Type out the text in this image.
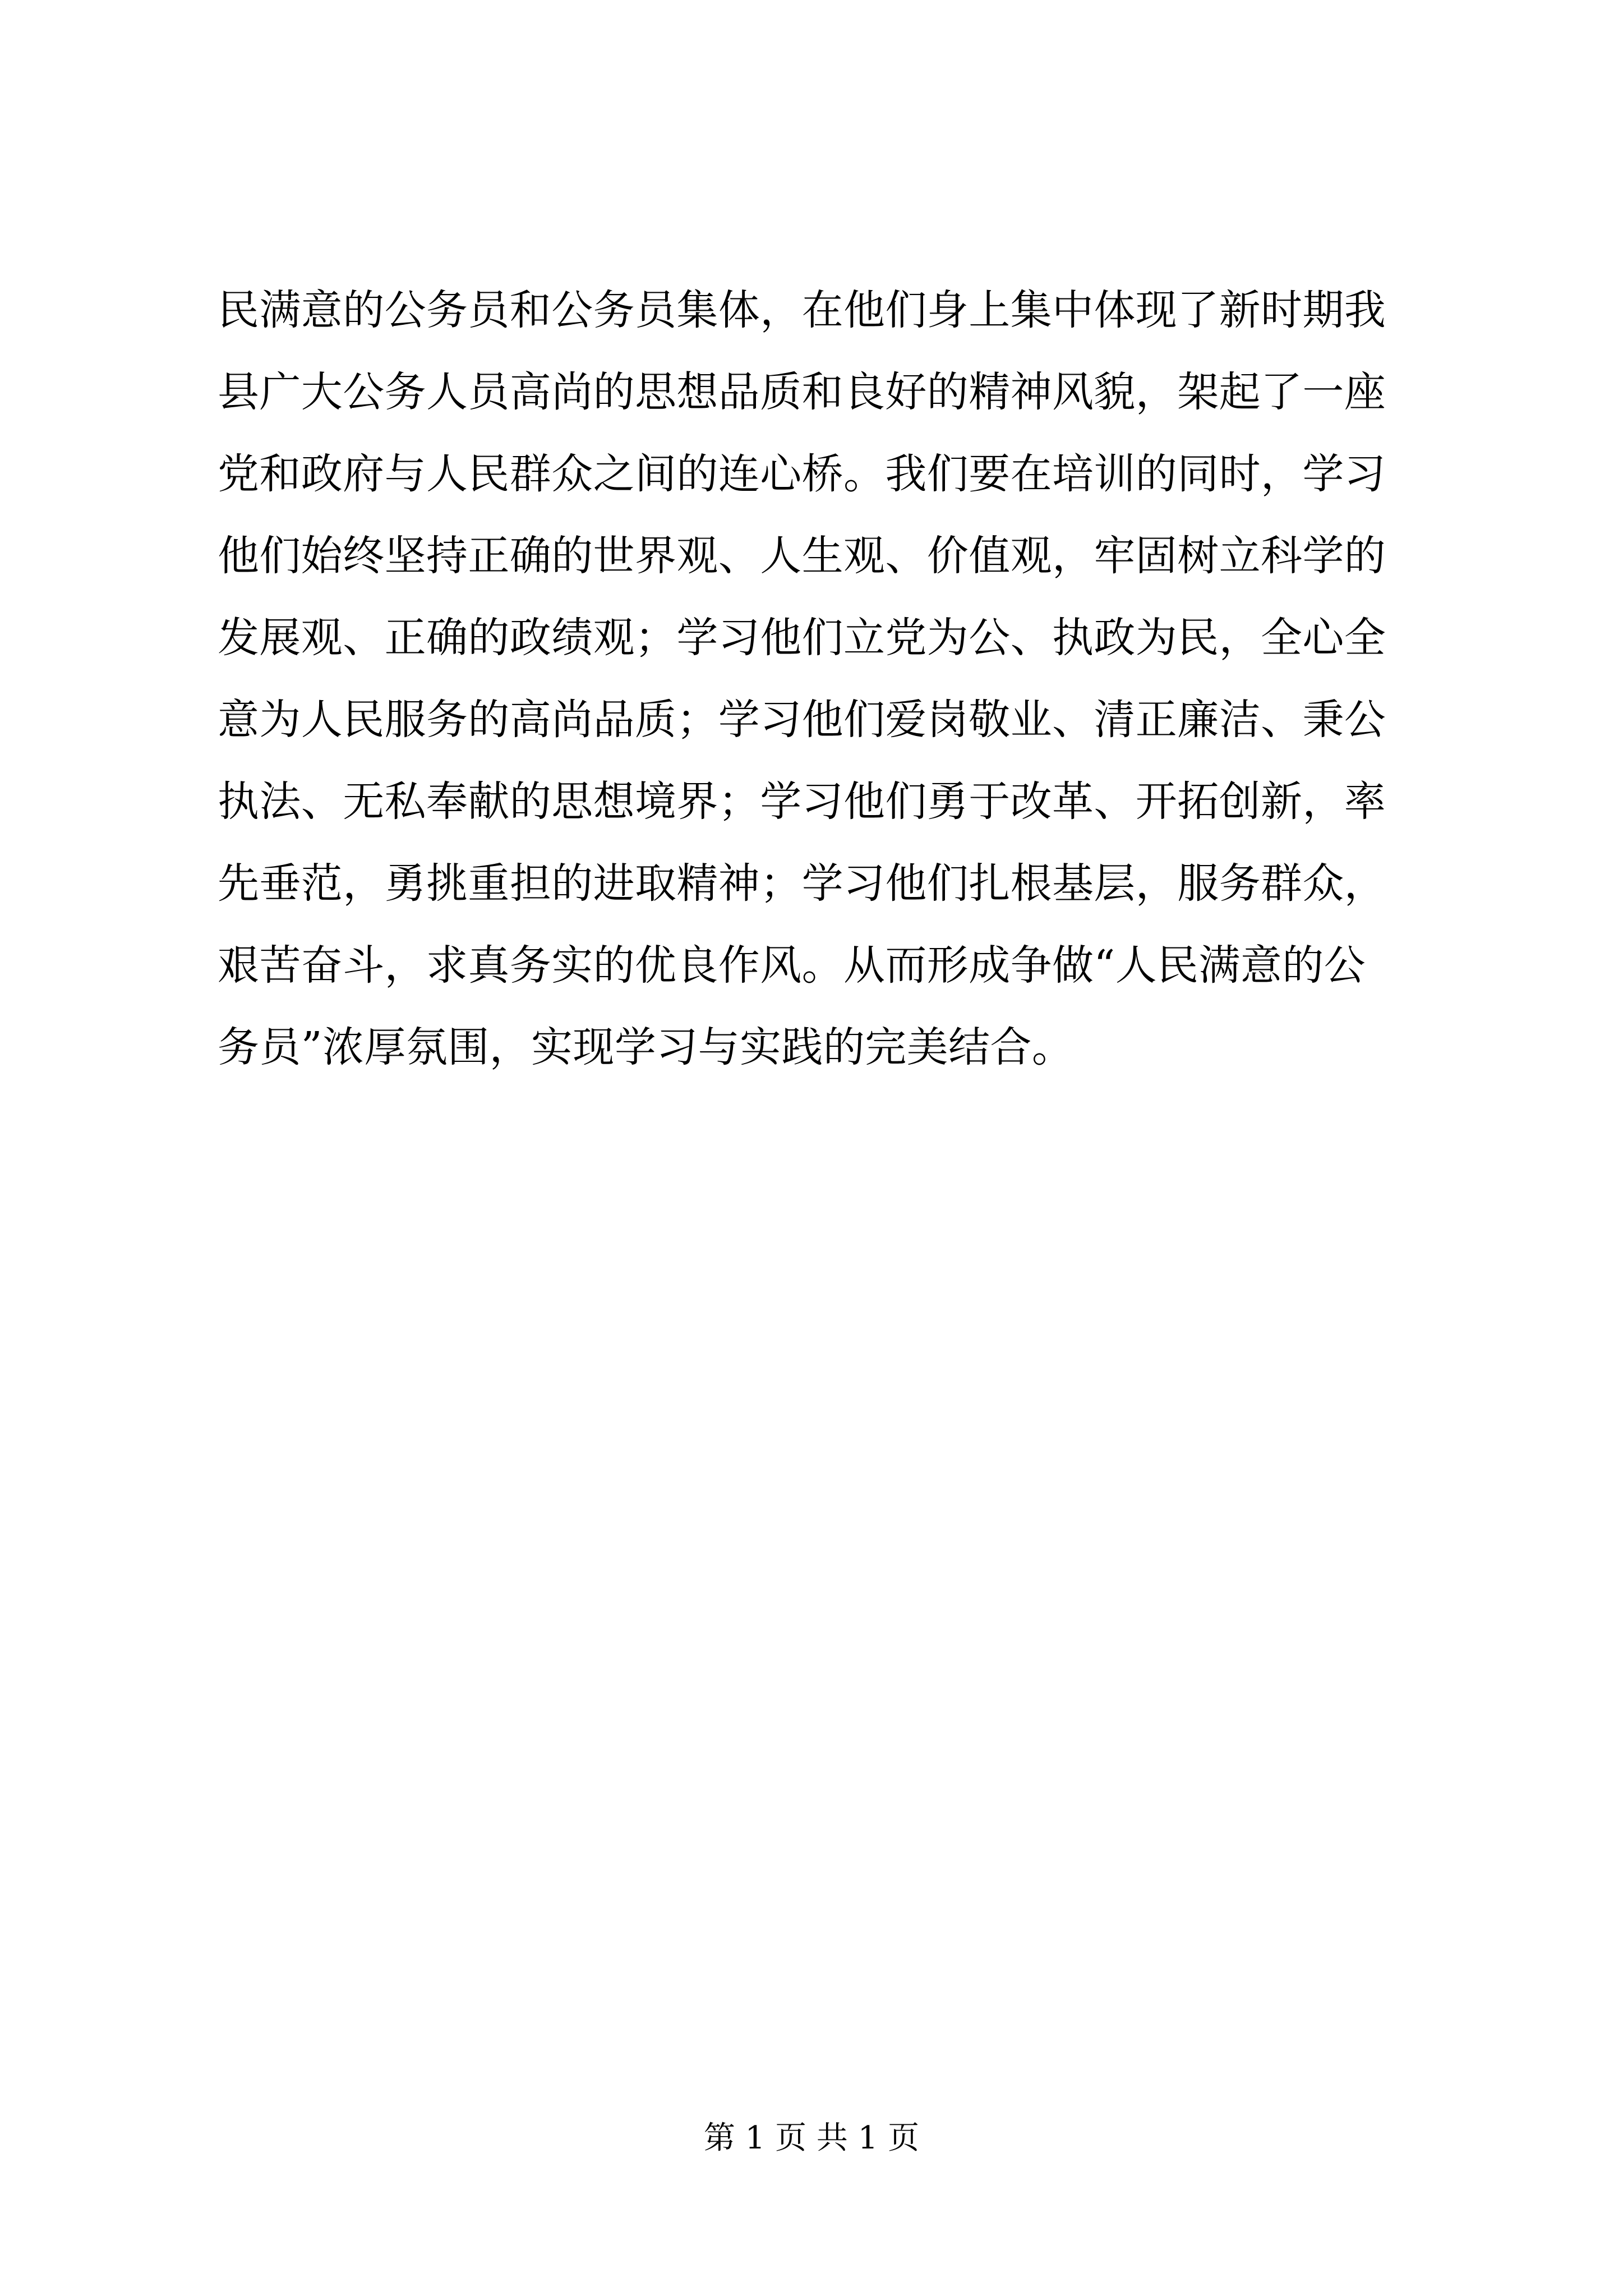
民满意的公务员和公务员集体，在他们身上集中体现了新时期我
县广大公务人员高尚的思想品质和良好的精神风貌，架起了一座
党和政府与人民群众之间的连心桥。我们要在培训的同时，学习
他们始终坚持正确的世界观、人生观、价值观，牢固树立科学的
发展观、正确的政绩观；学习他们立党为公、执政为民，全心全
意为人民服务的高尚品质；学习他们爱岗敬业、清正廉洁、秉公
执法、无私奉献的思想境界；学习他们勇于改革、开拓创新，率
先垂范，勇挑重担的进取精神；学习他们扎根基层，服务群众，
艰苦奋斗，求真务实的优良作风。从而形成争做“人民满意的公
务员”浓厚氛围，实现学习与实践的完美结合。
第 1 页 共 1 页
